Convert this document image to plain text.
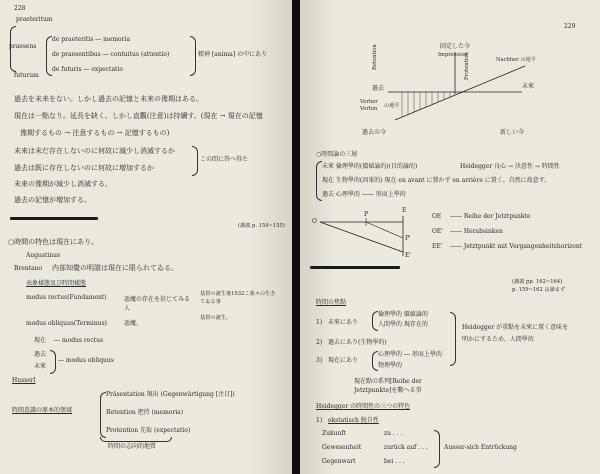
228
praeteritum
praesens
futurum
de praeteritis ― memoria
de praesentibus ― contuitus (attentio)
de futuris ― expectatio
精神 [anima] の中にあり
過去を未来をない。しかし過去の記憶と未来の豫期はある。
現在は一點なり。延長を缺く。しかし直觀(注意)は持續す。(現在 → 現在の記憶
豫期するもの → 注意するもの → 記憶するもの)
未來は未だ存在しないのに何故に減少し消滅するか
過去は既に存在しないのに何故に増加するか
この問に答へ得た
未來の豫期が減少し消滅する。
過去の記憶が増加する。
(講義 p. 154~155)
○時間の特色は現在にあり。
Augustinus
Brentano 内部知覺の明證は現在に限られてゐる。
表象樣態及び時間樣態
modus rectus(Fundament)	惡魔の存在を信じてみる人
基督の誕生後1932こ我々の生きてゐる事
modus obliquus(Terminus)	惡魔。
基督の誕生。
現在 ― modus rectus
過去
未來
― modus obliquus
Husserl
時間意識の原本的領域
Präsentation 現出 (Gegenwärtigung [注目])
Retention 把持 (memoria)
Protention 先取 (expectatio)
時間の志向的地質
229
固定した今
Impression
Retention	Protention
過去	未來
Nachher の地平
Vorher
Vorhin の地平
過去の今	新しい今
○時間論の三層
未來 倫理學的(價値論的)(目的論的)	Heidegger 良心 → 決意性 → 時間性
現在 生物學的(因果的) 現在 en avant に置かず en arrière に置く。自然に故意す。
過去 心理學的 ―― 形而上學的
O
P
E
P'
E'
OE ―― Reihe der Jetztpunkte
OE' ―― Herabsinken
EE' ―― Jetztpunkt mit Vergangenheitshorizont
(講義 pp. 162~164)
p. 159~162 は讀まず
時間の焦點
1) 未來にあり
倫理學的 價値論的
人間學的 現存在的
2) 過去にあり(生物學的)
3) 現在にあり
心理學的 ― 形而上學的
物理學的
Heidegger が重點を未來に置く意味を
明かにするため、人間學的
現在點の系列[Reihe der
Jetztpunkte]を數へる事
Heidegger の時間性の三つの特色
1) ekstatisch 脱自性
Zukunft	zu . . .
Gewesenheit	zurück auf . . .
Gegenwart	bei . . .
Ausser-sich Entrückung
